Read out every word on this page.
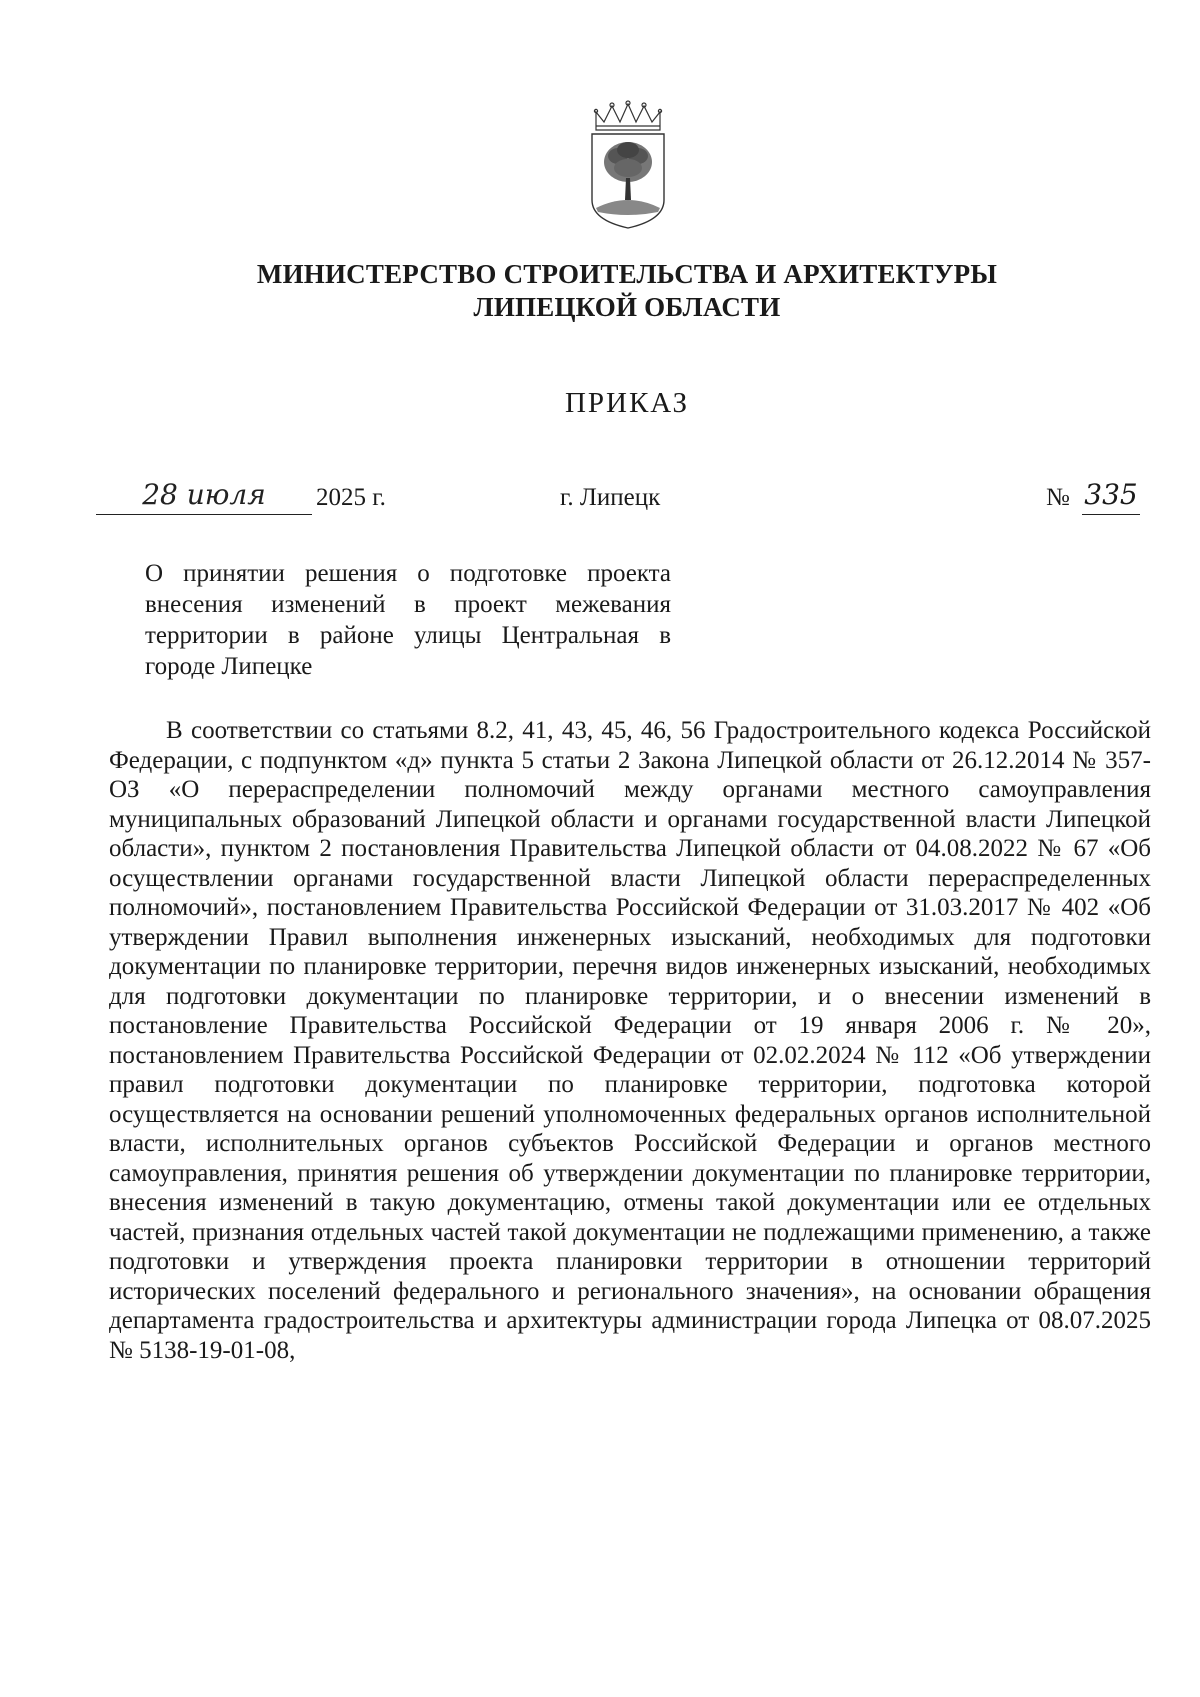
МИНИСТЕРСТВО СТРОИТЕЛЬСТВА И АРХИТЕКТУРЫ
ЛИПЕЦКОЙ ОБЛАСТИ
ПРИКАЗ
28 июля	2025 г.	г. Липецк	№ 335
О принятии решения о подготовке проекта внесения изменений в проект межевания территории в районе улицы Центральная в городе Липецке
В соответствии со статьями 8.2, 41, 43, 45, 46, 56 Градостроительного кодекса Российской Федерации, с подпунктом «д» пункта 5 статьи 2 Закона Липецкой области от 26.12.2014 № 357-ОЗ «О перераспределении полномочий между органами местного самоуправления муниципальных образований Липецкой области и органами государственной власти Липецкой области», пунктом 2 постановления Правительства Липецкой области от 04.08.2022 № 67 «Об осуществлении органами государственной власти Липецкой области перераспределенных полномочий», постановлением Правительства Российской Федерации от 31.03.2017 № 402 «Об утверждении Правил выполнения инженерных изысканий, необходимых для подготовки документации по планировке территории, перечня видов инженерных изысканий, необходимых для подготовки документации по планировке территории, и о внесении изменений в постановление Правительства Российской Федерации от 19 января 2006 г. № 20», постановлением Правительства Российской Федерации от 02.02.2024 № 112 «Об утверждении правил подготовки документации по планировке территории, подготовка которой осуществляется на основании решений уполномоченных федеральных органов исполнительной власти, исполнительных органов субъектов Российской Федерации и органов местного самоуправления, принятия решения об утверждении документации по планировке территории, внесения изменений в такую документацию, отмены такой документации или ее отдельных частей, признания отдельных частей такой документации не подлежащими применению, а также подготовки и утверждения проекта планировки территории в отношении территорий исторических поселений федерального и регионального значения», на основании обращения департамента градостроительства и архитектуры администрации города Липецка от 08.07.2025 № 5138-19-01-08,
